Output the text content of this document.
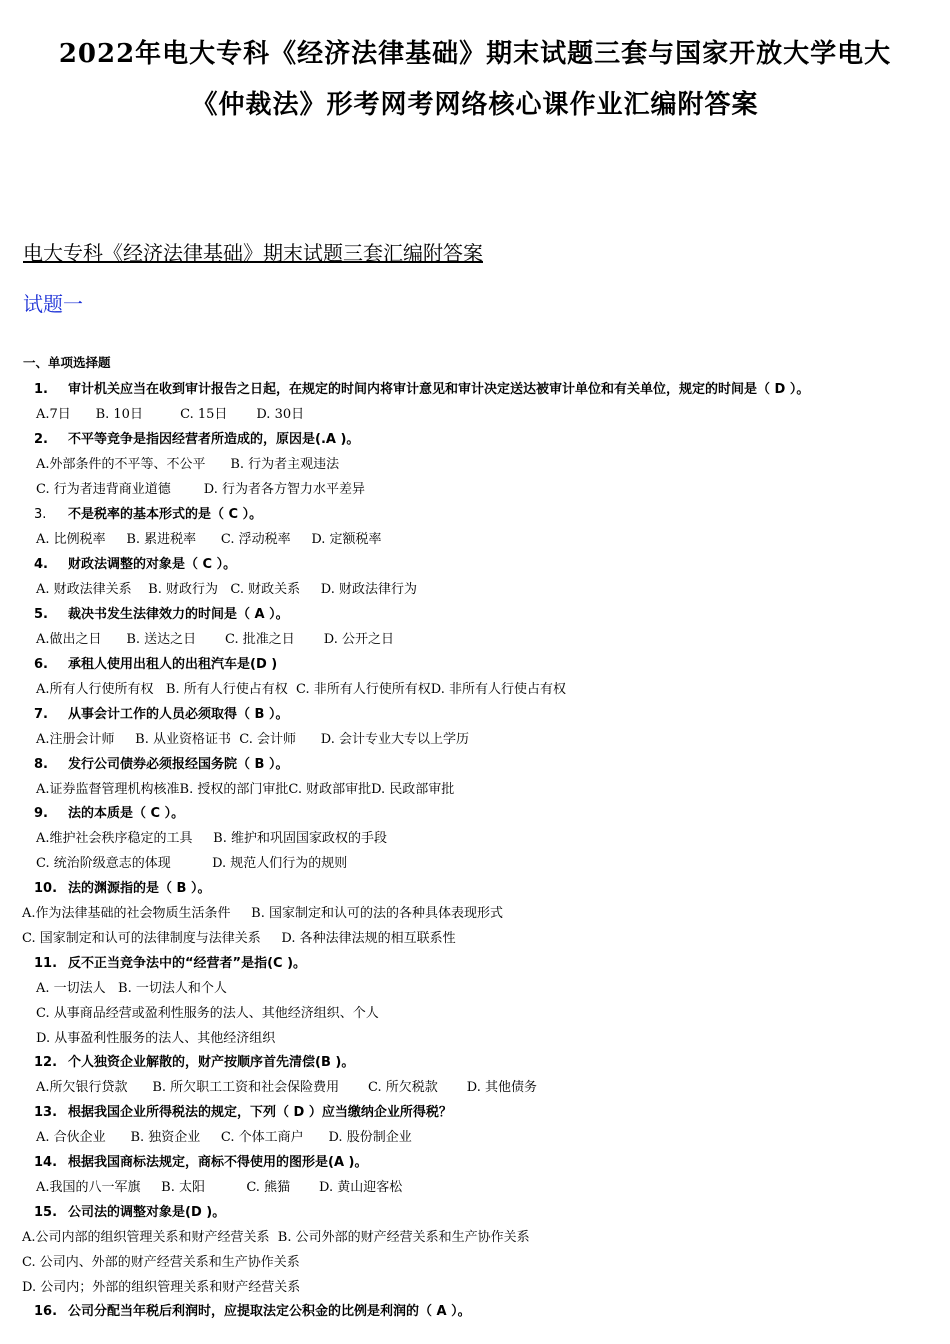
2022年电大专科《经济法律基础》期末试题三套与国家开放大学电大
《仲裁法》形考网考网络核心课作业汇编附答案
电大专科《经济法律基础》期末试题三套汇编附答案
试题一
一、单项选择题
1. 审计机关应当在收到审计报告之日起，在规定的时间内将审计意见和审计决定送达被审计单位和有关单位，规定的时间是（ D ）。
A.7日      B. 10日         C. 15日       D. 30日
2. 不平等竞争是指因经营者所造成的，原因是(.A )。
A.外部条件的不平等、不公平      B. 行为者主观违法
C. 行为者违背商业道德        D. 行为者各方智力水平差异
3. 不是税率的基本形式的是（ C ）。
A. 比例税率     B. 累进税率      C. 浮动税率     D. 定额税率
4. 财政法调整的对象是（ C ）。
A. 财政法律关系    B. 财政行为   C. 财政关系     D. 财政法律行为
5. 裁决书发生法律效力的时间是（ A ）。
A.做出之日      B. 送达之日       C. 批准之日       D. 公开之日
6. 承租人使用出租人的出租汽车是(D )
A.所有人行使所有权   B. 所有人行使占有权  C. 非所有人行使所有权D. 非所有人行使占有权
7. 从事会计工作的人员必须取得（ B ）。
A.注册会计师     B. 从业资格证书  C. 会计师      D. 会计专业大专以上学历
8. 发行公司债券必须报经国务院（ B ）。
A.证券监督管理机构核准B. 授权的部门审批C. 财政部审批D. 民政部审批
9. 法的本质是（ C ）。
A.维护社会秩序稳定的工具     B. 维护和巩固国家政权的手段
C. 统治阶级意志的体现          D. 规范人们行为的规则
10. 法的渊源指的是（ B ）。
A.作为法律基础的社会物质生活条件     B. 国家制定和认可的法的各种具体表现形式
C. 国家制定和认可的法律制度与法律关系     D. 各种法律法规的相互联系性
11. 反不正当竞争法中的“经营者”是指(C )。
A. 一切法人   B. 一切法人和个人
C. 从事商品经营或盈利性服务的法人、其他经济组织、个人
D. 从事盈利性服务的法人、其他经济组织
12. 个人独资企业解散的，财产按顺序首先清偿(B )。
A.所欠银行贷款      B. 所欠职工工资和社会保险费用       C. 所欠税款       D. 其他债务
13. 根据我国企业所得税法的规定，下列（ D ）应当缴纳企业所得税？
A. 合伙企业      B. 独资企业     C. 个体工商户      D. 股份制企业
14. 根据我国商标法规定，商标不得使用的图形是(A )。
A.我国的八一军旗     B. 太阳          C. 熊猫       D. 黄山迎客松
15. 公司法的调整对象是(D )。
A.公司内部的组织管理关系和财产经营关系  B. 公司外部的财产经营关系和生产协作关系
C. 公司内、外部的财产经营关系和生产协作关系
D. 公司内；外部的组织管理关系和财产经营关系
16. 公司分配当年税后利润时，应提取法定公积金的比例是利润的（ A ）。
